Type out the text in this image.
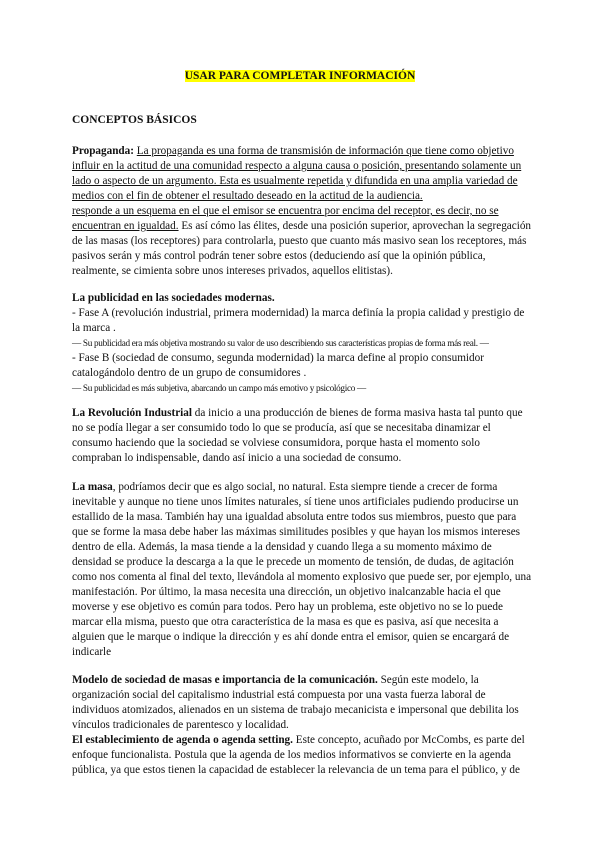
USAR PARA COMPLETAR INFORMACIÓN
CONCEPTOS BÁSICOS
Propaganda: La propaganda es una forma de transmisión de información que tiene como objetivo
influir en la actitud de una comunidad respecto a alguna causa o posición, presentando solamente un
lado o aspecto de un argumento. Esta es usualmente repetida y difundida en una amplia variedad de
medios con el fin de obtener el resultado deseado en la actitud de la audiencia.
responde a un esquema en el que el emisor se encuentra por encima del receptor, es decir, no se
encuentran en igualdad. Es así cómo las élites, desde una posición superior, aprovechan la segregación
de las masas (los receptores) para controlarla, puesto que cuanto más masivo sean los receptores, más
pasivos serán y más control podrán tener sobre estos (deduciendo así que la opinión pública,
realmente, se cimienta sobre unos intereses privados, aquellos elitistas).
La publicidad en las sociedades modernas.
- Fase A (revolución industrial, primera modernidad) la marca definía la propia calidad y prestigio de
la marca .
— Su publicidad era más objetiva mostrando su valor de uso describiendo sus características propias de forma más real. —
- Fase B (sociedad de consumo, segunda modernidad) la marca define al propio consumidor
catalogándolo dentro de un grupo de consumidores .
— Su publicidad es más subjetiva, abarcando un campo más emotivo y psicológico —
La Revolución Industrial da inicio a una producción de bienes de forma masiva hasta tal punto que
no se podía llegar a ser consumido todo lo que se producía, así que se necesitaba dinamizar el
consumo haciendo que la sociedad se volviese consumidora, porque hasta el momento solo
compraban lo indispensable, dando así inicio a una sociedad de consumo.
La masa, podríamos decir que es algo social, no natural. Esta siempre tiende a crecer de forma
inevitable y aunque no tiene unos límites naturales, sí tiene unos artificiales pudiendo producirse un
estallido de la masa. También hay una igualdad absoluta entre todos sus miembros, puesto que para
que se forme la masa debe haber las máximas similitudes posibles y que hayan los mismos intereses
dentro de ella. Además, la masa tiende a la densidad y cuando llega a su momento máximo de
densidad se produce la descarga a la que le precede un momento de tensión, de dudas, de agitación
como nos comenta al final del texto, llevándola al momento explosivo que puede ser, por ejemplo, una
manifestación. Por último, la masa necesita una dirección, un objetivo inalcanzable hacia el que
moverse y ese objetivo es común para todos. Pero hay un problema, este objetivo no se lo puede
marcar ella misma, puesto que otra característica de la masa es que es pasiva, así que necesita a
alguien que le marque o indique la dirección y es ahí donde entra el emisor, quien se encargará de
indicarle
Modelo de sociedad de masas e importancia de la comunicación. Según este modelo, la
organización social del capitalismo industrial está compuesta por una vasta fuerza laboral de
individuos atomizados, alienados en un sistema de trabajo mecanicista e impersonal que debilita los
vínculos tradicionales de parentesco y localidad.
El establecimiento de agenda o agenda setting. Este concepto, acuñado por McCombs, es parte del
enfoque funcionalista. Postula que la agenda de los medios informativos se convierte en la agenda
pública, ya que estos tienen la capacidad de establecer la relevancia de un tema para el público, y de
